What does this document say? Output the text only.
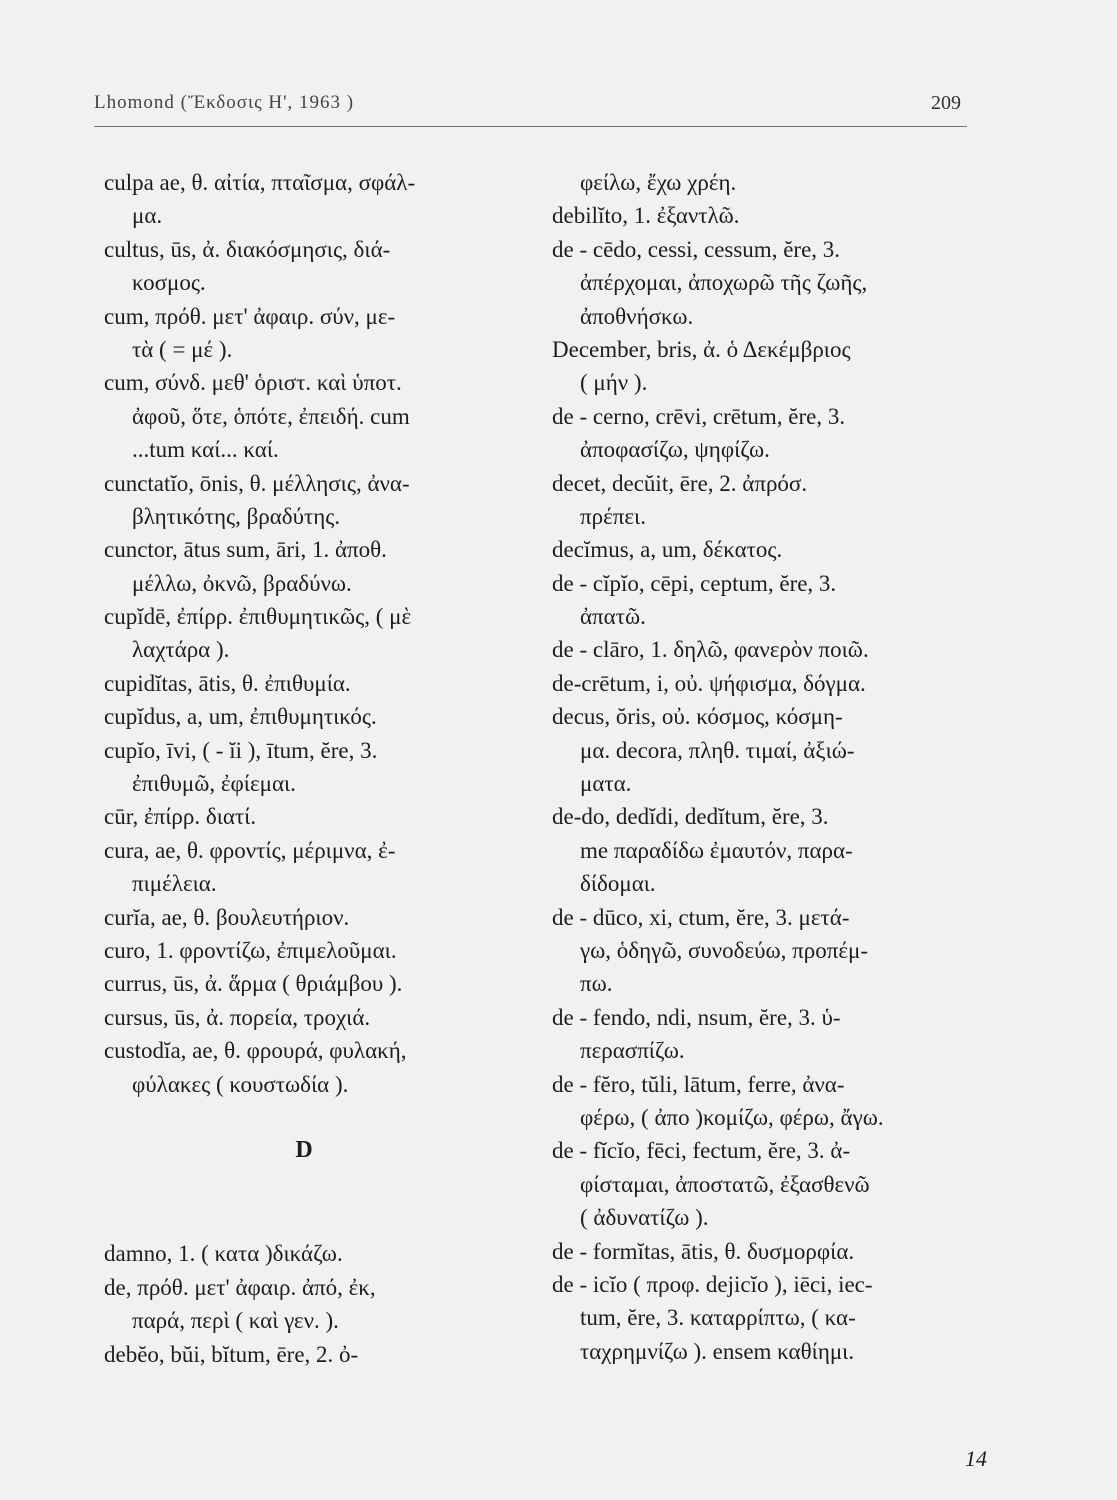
Lhomond (Ἔκδοσις Η', 1963 )	209
culpa ae, θ. αἰτία, πταῖσμα, σφάλ-
μα.
cultus, ūs, ἀ. διακόσμησις, διά-
κοσμος.
cum, πρόθ. μετ' ἀφαιρ. σύν, με-
τὰ ( = μέ ).
cum, σύνδ. μεθ' ὁριστ. καὶ ὑποτ.
ἀφοῦ, ὅτε, ὁπότε, ἐπειδή. cum
...tum καί... καί.
cunctatĭo, ōnis, θ. μέλλησις, ἀνα-
βλητικότης, βραδύτης.
cunctor, ātus sum, āri, 1. ἀποθ.
μέλλω, ὀκνῶ, βραδύνω.
cupĭdē, ἐπίρρ. ἐπιθυμητικῶς, ( μὲ
λαχτάρα ).
cupidĭtas, ātis, θ. ἐπιθυμία.
cupĭdus, a, um, ἐπιθυμητικός.
cupĭo, īvi, ( - ĭi ), ītum, ĕre, 3.
ἐπιθυμῶ, ἐφίεμαι.
cūr, ἐπίρρ. διατί.
cura, ae, θ. φροντίς, μέριμνα, ἐ-
πιμέλεια.
curĭa, ae, θ. βουλευτήριον.
curo, 1. φροντίζω, ἐπιμελοῦμαι.
currus, ūs, ἀ. ἅρμα ( θριάμβου ).
cursus, ūs, ἀ. πορεία, τροχιά.
custodĭa, ae, θ. φρουρά, φυλακή,
φύλακες ( κουστωδία ).
D
damno, 1. ( κατα )δικάζω.
de, πρόθ. μετ' ἀφαιρ. ἀπό, ἐκ,
παρά, περὶ ( καὶ γεν. ).
debĕo, bŭi, bĭtum, ēre, 2. ὀ-
φείλω, ἔχω χρέη.
debilĭto, 1. ἐξαντλῶ.
de - cēdo, cessi, cessum, ĕre, 3.
ἀπέρχομαι, ἀποχωρῶ τῆς ζωῆς,
ἀποθνήσκω.
December, bris, ἀ. ὁ Δεκέμβριος
( μήν ).
de - cerno, crēvi, crētum, ĕre, 3.
ἀποφασίζω, ψηφίζω.
decet, decŭit, ēre, 2. ἀπρόσ.
πρέπει.
decĭmus, a, um, δέκατος.
de - cĭpĭo, cēpi, ceptum, ĕre, 3.
ἀπατῶ.
de - clāro, 1. δηλῶ, φανερὸν ποιῶ.
de-crētum, i, οὐ. ψήφισμα, δόγμα.
decus, ŏris, οὐ. κόσμος, κόσμη-
μα. decora, πληθ. τιμαί, ἀξιώ-
ματα.
de-do, dedĭdi, dedĭtum, ĕre, 3.
me παραδίδω ἐμαυτόν, παρα-
δίδομαι.
de - dūco, xi, ctum, ĕre, 3. μετά-
γω, ὁδηγῶ, συνοδεύω, προπέμ-
πω.
de - fendo, ndi, nsum, ĕre, 3. ὑ-
περασπίζω.
de - fĕro, tŭli, lātum, ferre, ἀνα-
φέρω, ( ἀπο )κομίζω, φέρω, ἄγω.
de - fĭcĭo, fēci, fectum, ĕre, 3. ἀ-
φίσταμαι, ἀποστατῶ, ἐξασθενῶ
( ἀδυνατίζω ).
de - formĭtas, ātis, θ. δυσμορφία.
de - icĭo ( προφ. dejicĭo ), iēci, iec-
tum, ĕre, 3. καταρρίπτω, ( κα-
ταχρημνίζω ). ensem καθίημι.
14
